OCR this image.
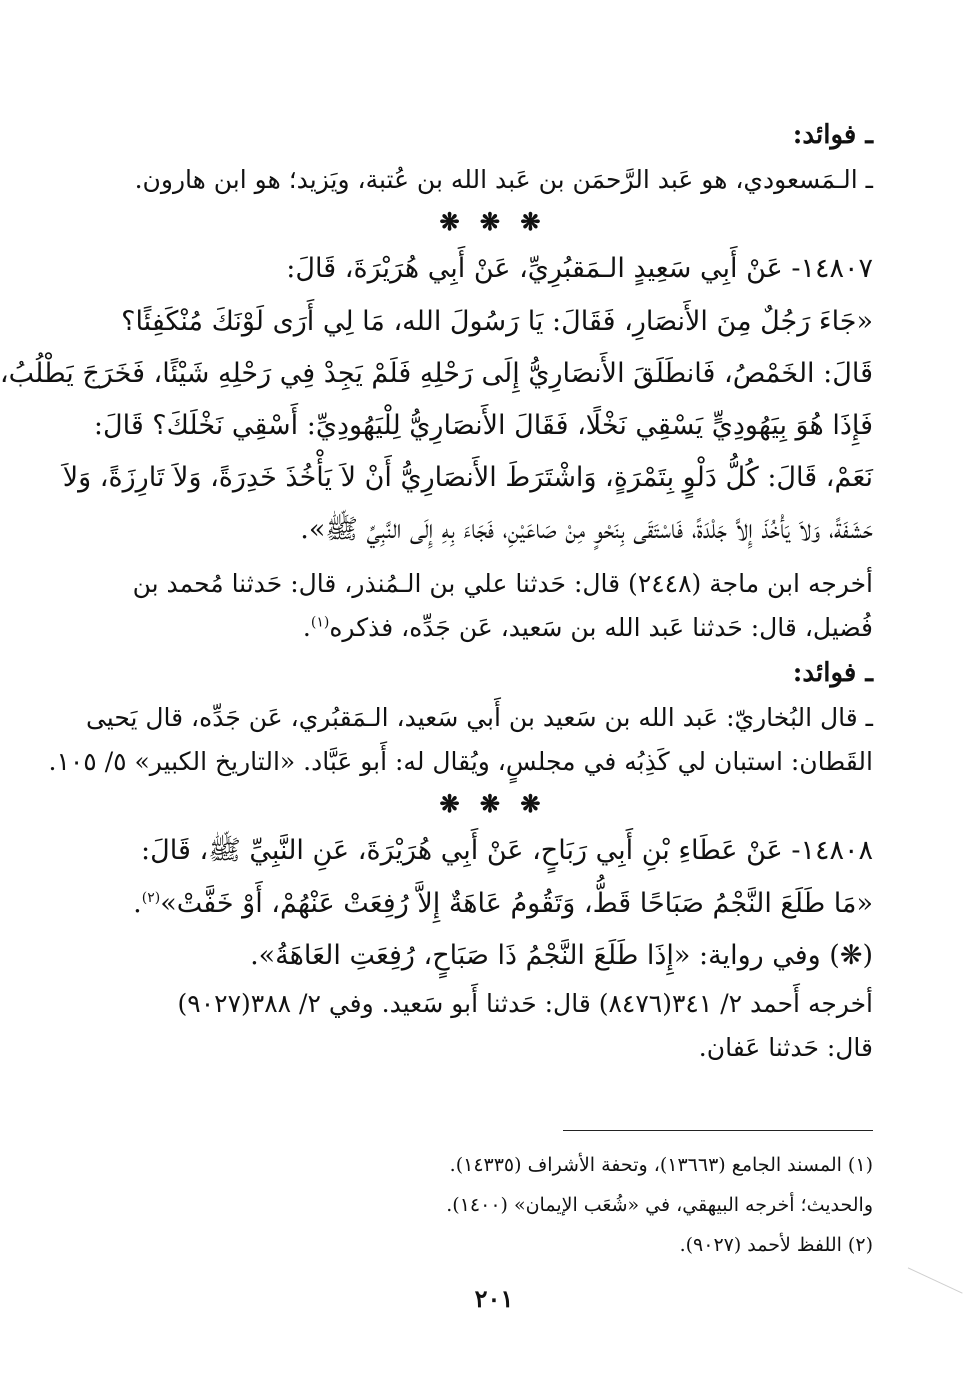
ـ فوائد:
ـ الـمَسعودي، هو عَبد الرَّحمَن بن عَبد الله بن عُتبة، ويَزيد؛ هو ابن هارون.
❋ ❋ ❋
١٤٨٠٧- عَنْ أَبِي سَعِيدٍ الـمَقبُرِيِّ، عَنْ أَبِي هُرَيْرَةَ، قَالَ:
«جَاءَ رَجُلٌ مِنَ الأَنصَارِ، فَقَالَ: يَا رَسُولَ الله، مَا لِي أَرَى لَوْنَكَ مُنْكَفِئًا؟
قَالَ: الخَمْصُ، فَانطَلَقَ الأَنصَارِيُّ إِلَى رَحْلِهِ فَلَمْ يَجِدْ فِي رَحْلِهِ شَيْئًا، فَخَرَجَ يَطْلُبُ،
فَإِذَا هُوَ بِيَهُودِيٍّ يَسْقِي نَخْلًا، فَقَالَ الأَنصَارِيُّ لِلْيَهُودِيِّ: أَسْقِي نَخْلَكَ؟ قَالَ:
نَعَمْ، قَالَ: كُلُّ دَلْوٍ بِتَمْرَةٍ، وَاشْتَرَطَ الأَنصَارِيُّ أَنْ لاَ يَأْخُذَ خَدِرَةً، وَلاَ تَارِزَةً، وَلاَ
حَشَفَةً، وَلاَ يَأْخُذَ إِلاَّ جَلْدَةً، فَاسْتَقَى بِنَحْوٍ مِنْ صَاعَيْنِ، فَجَاءَ بِهِ إِلَى النَّبِيِّ ﷺ».
أخرجه ابن ماجة (٢٤٤٨) قال: حَدثنا علي بن الـمُنذر، قال: حَدثنا مُحمد بن
فُضيل، قال: حَدثنا عَبد الله بن سَعيد، عَن جَدِّه، فذكره$^{(١)}$.
ـ فوائد:
ـ قال البُخاريّ: عَبد الله بن سَعيد بن أَبي سَعيد، الـمَقبُري، عَن جَدِّه، قال يَحيى
القَطان: استبان لي كَذِبُه في مجلسٍ، ويُقال له: أَبو عَبَّاد. «التاريخ الكبير» ٥/ ١٠٥.
❋ ❋ ❋
١٤٨٠٨- عَنْ عَطَاءِ بْنِ أَبِي رَبَاحٍ، عَنْ أَبِي هُرَيْرَةَ، عَنِ النَّبِيِّ ﷺ، قَالَ:
«مَا طَلَعَ النَّجْمُ صَبَاحًا قَطُّ، وَتَقُومُ عَاهَةٌ إِلاَّ رُفِعَتْ عَنْهُمْ، أَوْ خَفَّتْ»$^{(٢)}$.
(❋) وفي رواية: «إِذَا طَلَعَ النَّجْمُ ذَا صَبَاحٍ، رُفِعَتِ العَاهَةُ».
أخرجه أَحمد ٢/ ٣٤١(٨٤٧٦) قال: حَدثنا أَبو سَعيد. وفي ٢/ ٣٨٨(٩٠٢٧)
قال: حَدثنا عَفان.
(١) المسند الجامع (١٣٦٦٣)، وتحفة الأشراف (١٤٣٣٥).
والحديث؛ أخرجه البيهقي، في «شُعَب الإيمان» (١٤٠٠).
(٢) اللفظ لأحمد (٩٠٢٧).
٢٠١
